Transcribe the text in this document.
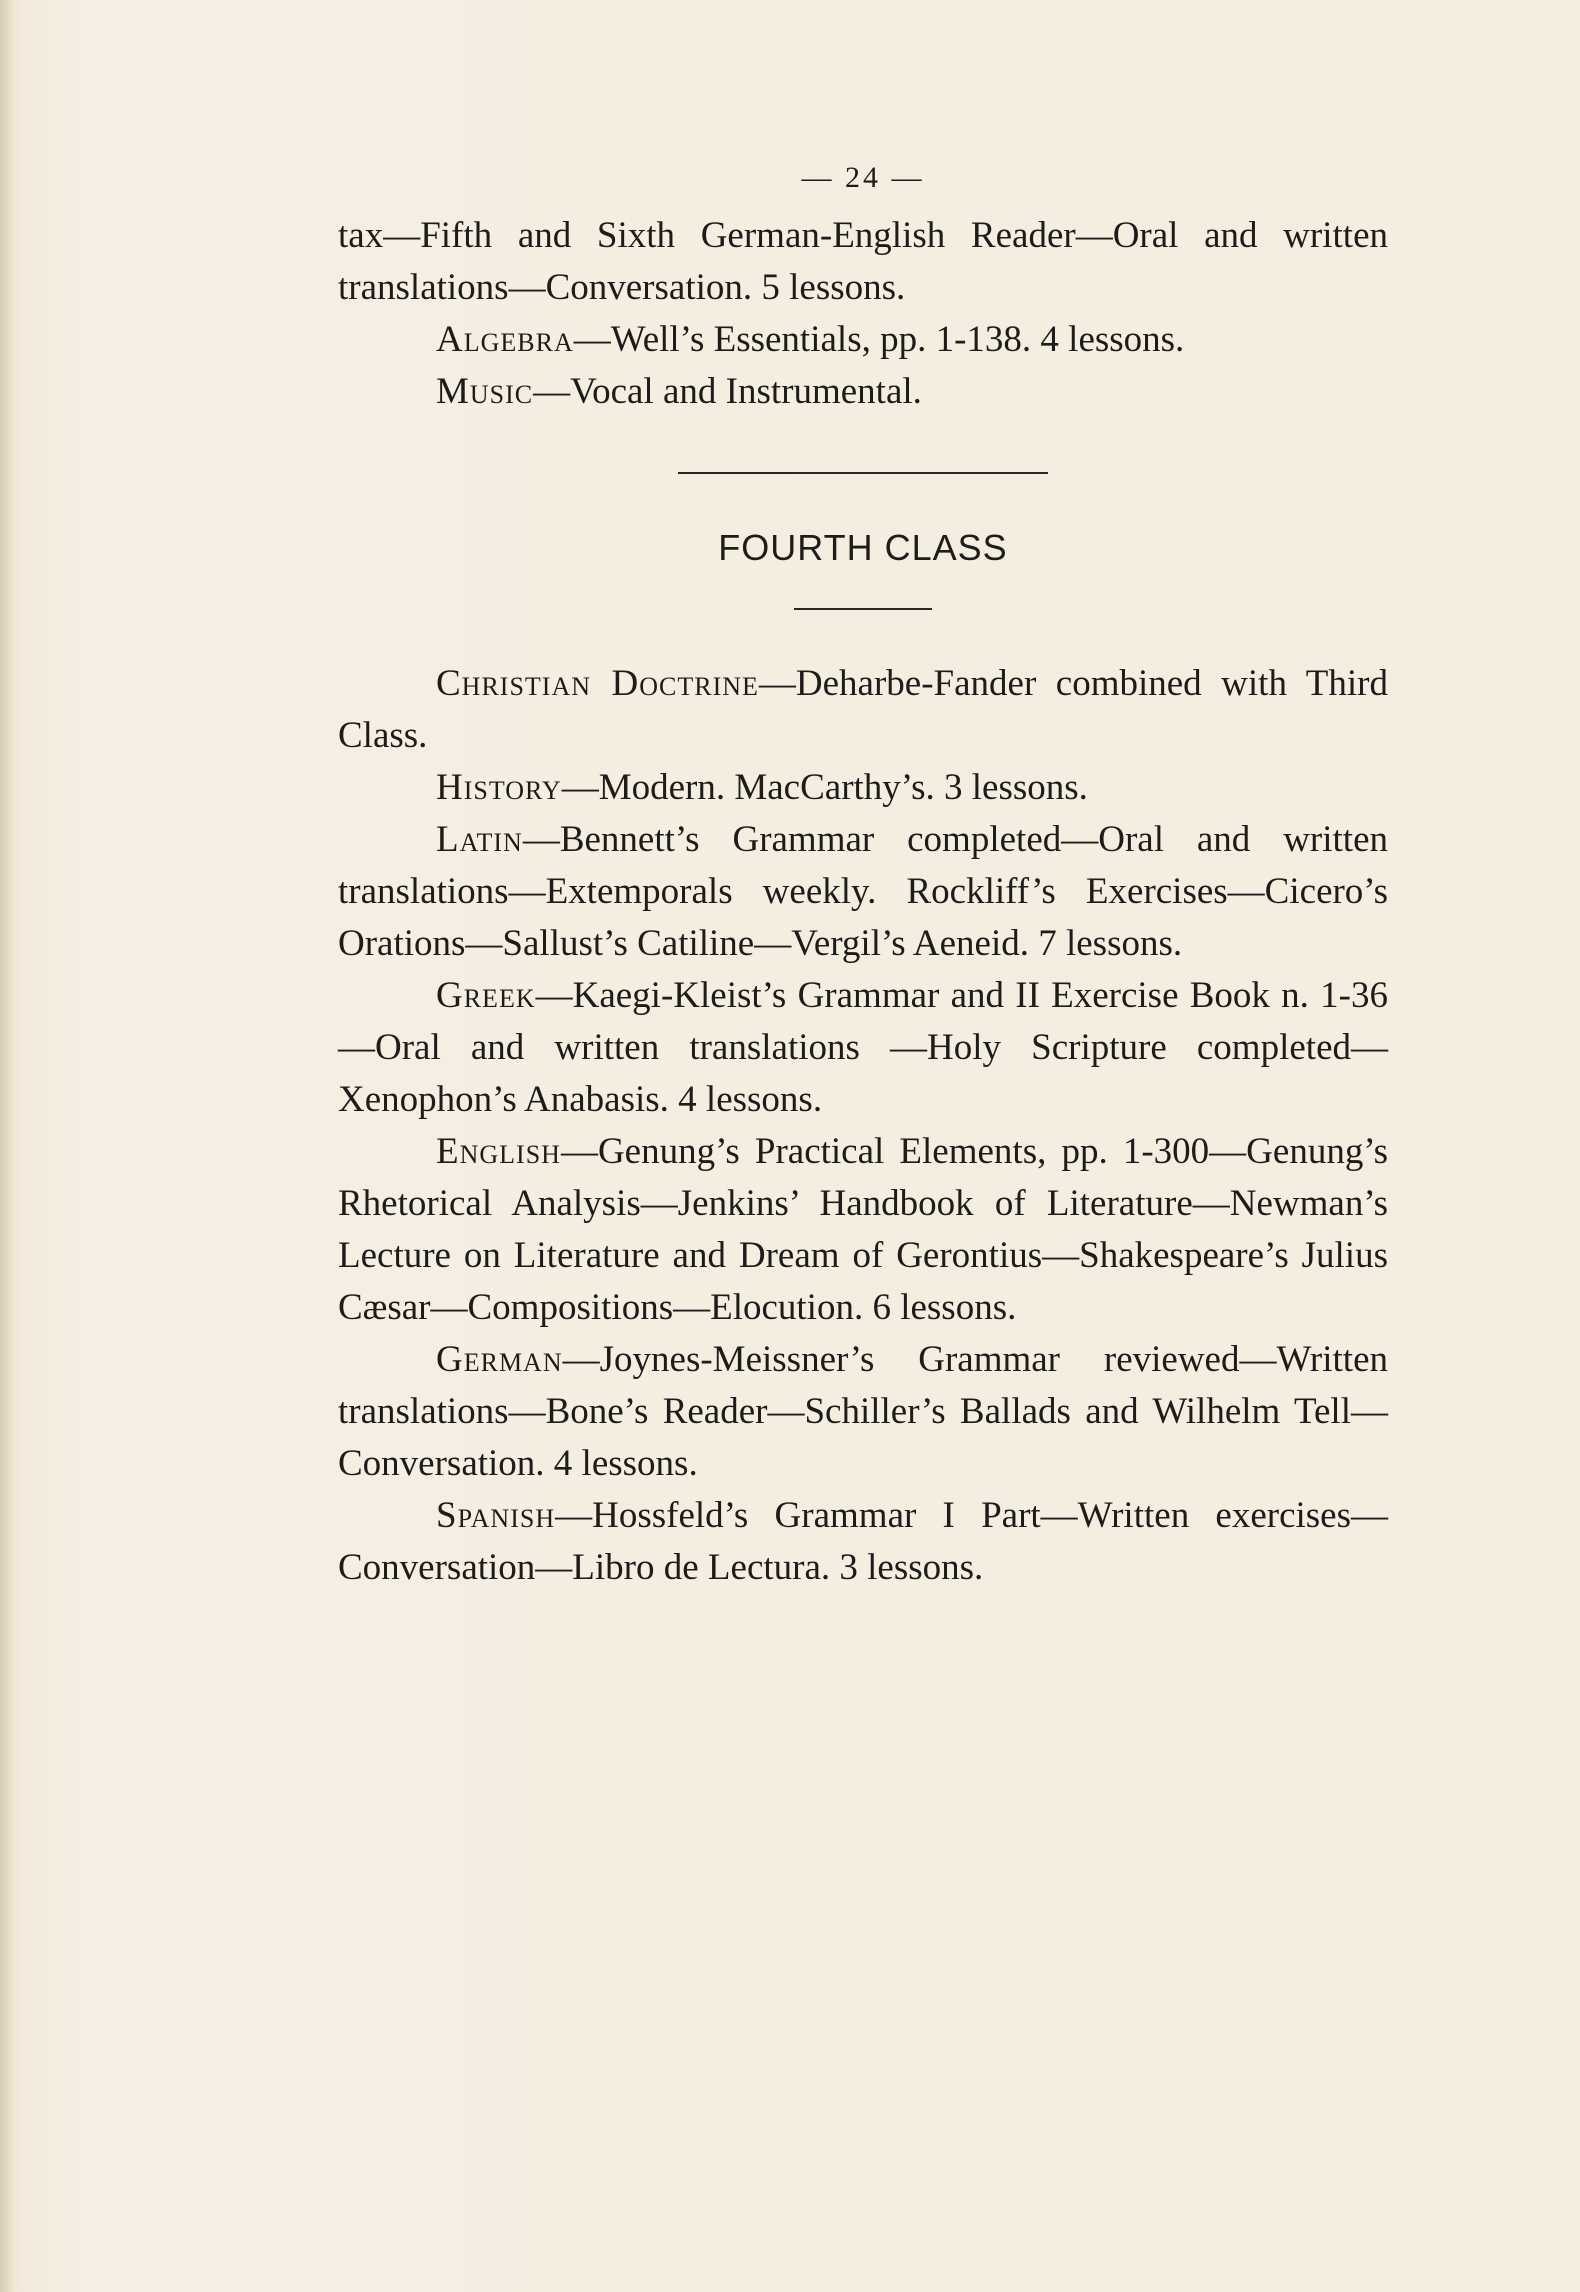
— 24 —

tax—Fifth and Sixth German-English Reader—Oral and written translations—Conversation. 5 lessons.

Algebra—Well’s Essentials, pp. 1-138. 4 lessons.

Music—Vocal and Instrumental.

FOURTH CLASS

Christian Doctrine—Deharbe-Fander combined with Third Class.

History—Modern. MacCarthy’s. 3 lessons.

Latin—Bennett’s Grammar completed—Oral and written translations—Extemporals weekly. Rockliff’s Exercises—Cicero’s Orations—Sallust’s Catiline—Vergil’s Aeneid. 7 lessons.

Greek—Kaegi-Kleist’s Grammar and II Exercise Book n. 1-36—Oral and written translations —Holy Scripture completed—Xenophon’s Anabasis. 4 lessons.

English—Genung’s Practical Elements, pp. 1-300—Genung’s Rhetorical Analysis—Jenkins’ Handbook of Literature—Newman’s Lecture on Literature and Dream of Gerontius—Shakespeare’s Julius Cæsar—Compositions—Elocution. 6 lessons.

German—Joynes-Meissner’s Grammar reviewed—Written translations—Bone’s Reader—Schiller’s Ballads and Wilhelm Tell—Conversation. 4 lessons.

Spanish—Hossfeld’s Grammar I Part—Written exercises—Conversation—Libro de Lectura. 3 lessons.
